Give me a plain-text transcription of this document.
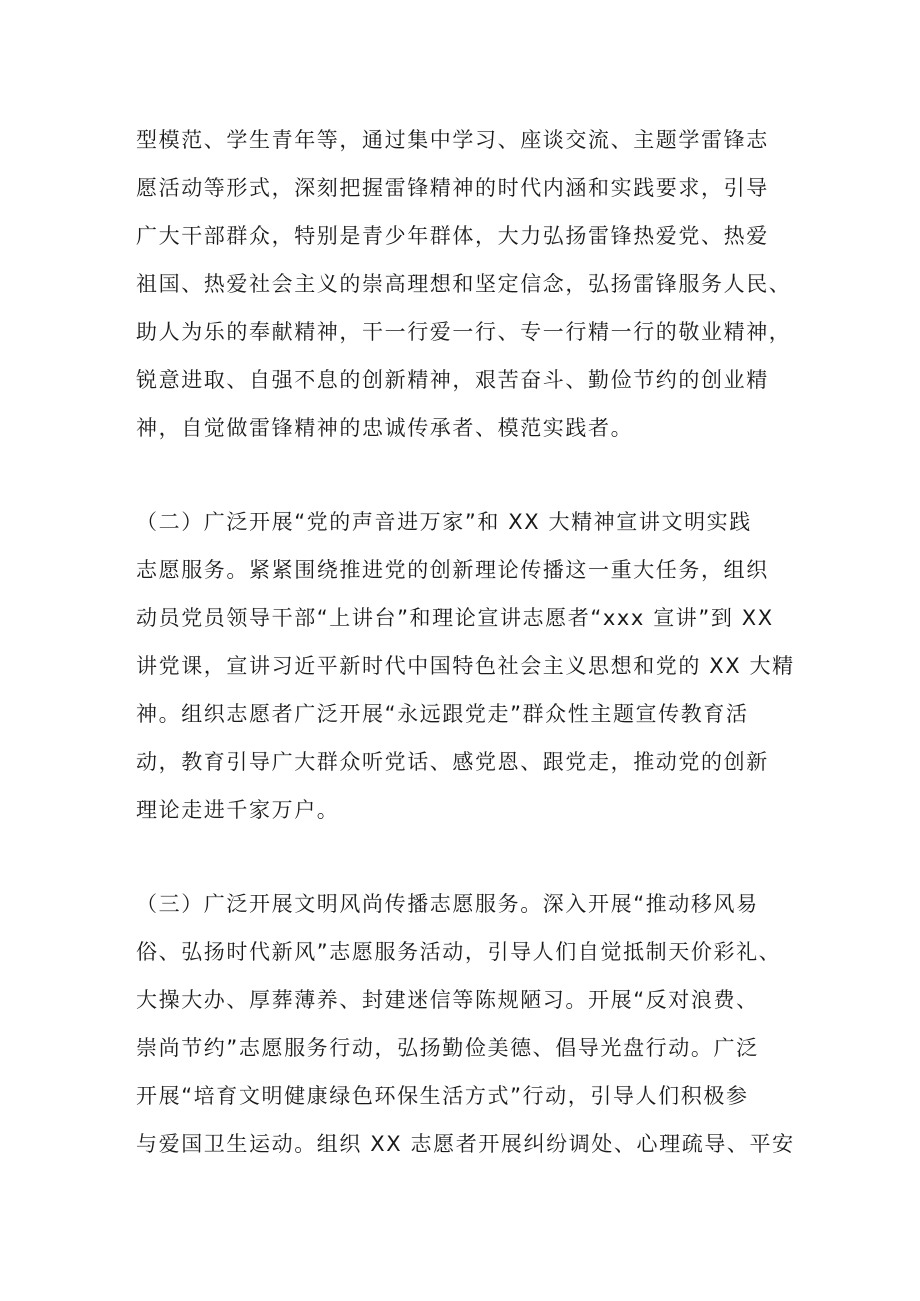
型模范、学生青年等，通过集中学习、座谈交流、主题学雷锋志
愿活动等形式，深刻把握雷锋精神的时代内涵和实践要求，引导
广大干部群众，特别是青少年群体，大力弘扬雷锋热爱党、热爱
祖国、热爱社会主义的崇高理想和坚定信念，弘扬雷锋服务人民、
助人为乐的奉献精神，干一行爱一行、专一行精一行的敬业精神，
锐意进取、自强不息的创新精神，艰苦奋斗、勤俭节约的创业精
神，自觉做雷锋精神的忠诚传承者、模范实践者。
（二）广泛开展“党的声音进万家”和 XX 大精神宣讲文明实践
志愿服务。紧紧围绕推进党的创新理论传播这一重大任务，组织
动员党员领导干部“上讲台”和理论宣讲志愿者“xxx 宣讲”到 XX
讲党课，宣讲习近平新时代中国特色社会主义思想和党的 XX 大精
神。组织志愿者广泛开展“永远跟党走”群众性主题宣传教育活
动，教育引导广大群众听党话、感党恩、跟党走，推动党的创新
理论走进千家万户。
（三）广泛开展文明风尚传播志愿服务。深入开展“推动移风易
俗、弘扬时代新风”志愿服务活动，引导人们自觉抵制天价彩礼、
大操大办、厚葬薄养、封建迷信等陈规陋习。开展“反对浪费、
崇尚节约”志愿服务行动，弘扬勤俭美德、倡导光盘行动。广泛
开展“培育文明健康绿色环保生活方式”行动，引导人们积极参
与爱国卫生运动。组织 XX 志愿者开展纠纷调处、心理疏导、平安
